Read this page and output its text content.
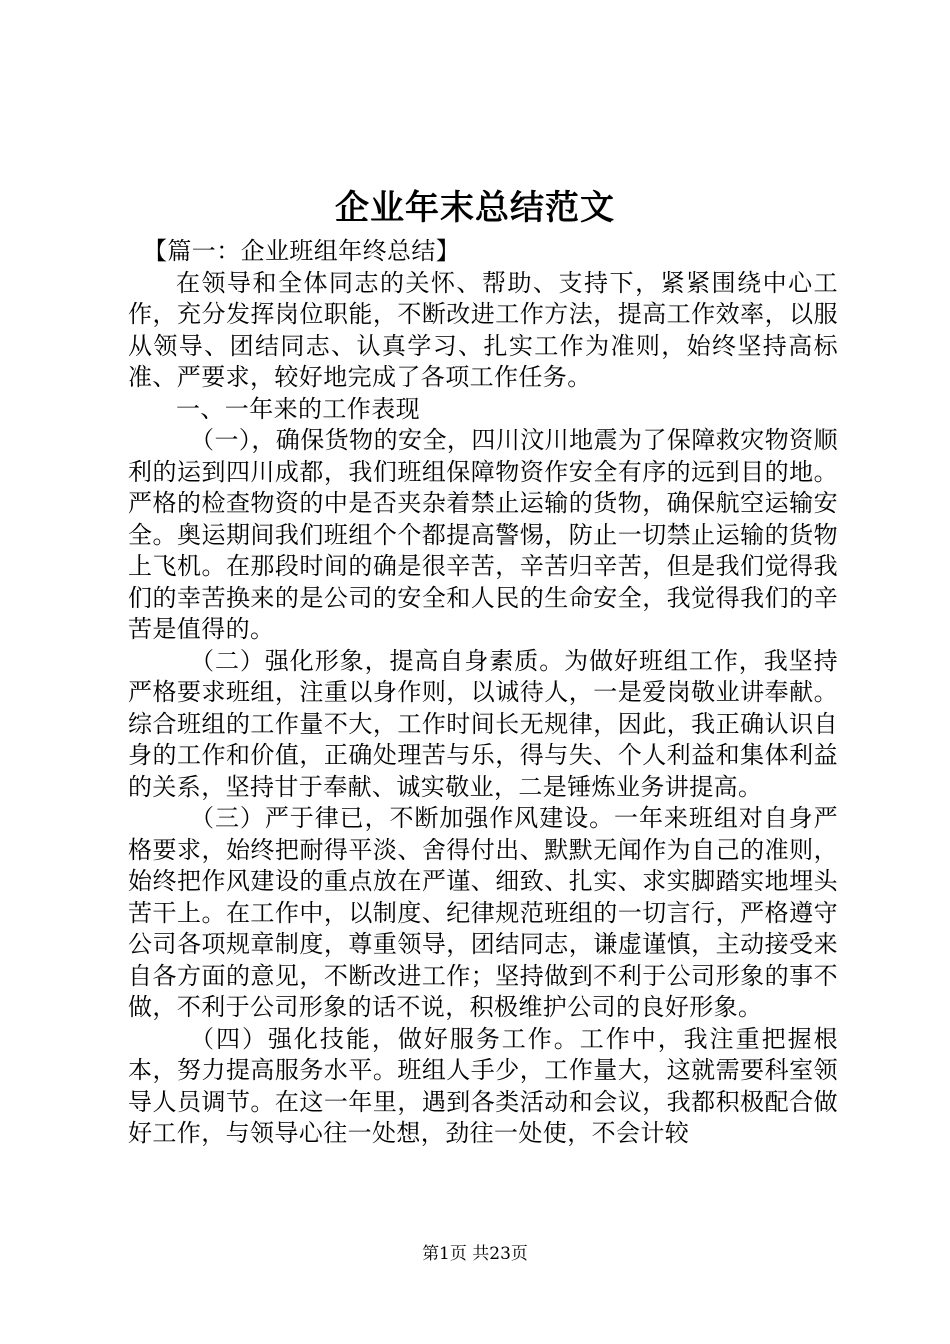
企业年末总结范文

【篇一：企业班组年终总结】

在领导和全体同志的关怀、帮助、支持下，紧紧围绕中心工作，充分发挥岗位职能，不断改进工作方法，提高工作效率，以服从领导、团结同志、认真学习、扎实工作为准则，始终坚持高标准、严要求，较好地完成了各项工作任务。

一、一年来的工作表现

（一），确保货物的安全，四川汶川地震为了保障救灾物资顺利的运到四川成都，我们班组保障物资作安全有序的远到目的地。严格的检查物资的中是否夹杂着禁止运输的货物，确保航空运输安全。奥运期间我们班组个个都提高警惕，防止一切禁止运输的货物上飞机。在那段时间的确是很辛苦，辛苦归辛苦，但是我们觉得我们的幸苦换来的是公司的安全和人民的生命安全，我觉得我们的辛苦是值得的。

（二）强化形象，提高自身素质。为做好班组工作，我坚持严格要求班组，注重以身作则，以诚待人，一是爱岗敬业讲奉献。综合班组的工作量不大，工作时间长无规律，因此，我正确认识自身的工作和价值，正确处理苦与乐，得与失、个人利益和集体利益的关系，坚持甘于奉献、诚实敬业，二是锤炼业务讲提高。

（三）严于律已，不断加强作风建设。一年来班组对自身严格要求，始终把耐得平淡、舍得付出、默默无闻作为自己的准则，始终把作风建设的重点放在严谨、细致、扎实、求实脚踏实地埋头苦干上。在工作中，以制度、纪律规范班组的一切言行，严格遵守公司各项规章制度，尊重领导，团结同志，谦虚谨慎，主动接受来自各方面的意见，不断改进工作；坚持做到不利于公司形象的事不做，不利于公司形象的话不说，积极维护公司的良好形象。

（四）强化技能，做好服务工作。工作中，我注重把握根本，努力提高服务水平。班组人手少，工作量大，这就需要科室领导人员调节。在这一年里，遇到各类活动和会议，我都积极配合做好工作，与领导心往一处想，劲往一处使，不会计较

第1页 共23页
